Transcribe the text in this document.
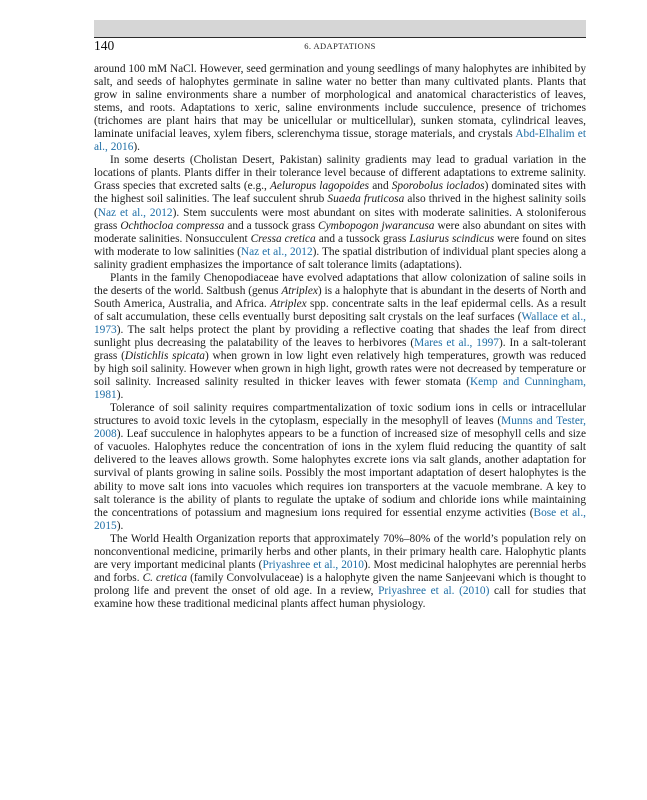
140	6. ADAPTATIONS

around 100 mM NaCl. However, seed germination and young seedlings of many halophytes are inhibited by salt, and seeds of halophytes germinate in saline water no better than many cultivated plants. Plants that grow in saline environments share a number of morphological and anatomical characteristics of leaves, stems, and roots. Adaptations to xeric, saline environments include succulence, presence of trichomes (trichomes are plant hairs that may be unicellular or multicellular), sunken stomata, cylindrical leaves, laminate unifacial leaves, xylem fibers, sclerenchyma tissue, storage materials, and crystals Abd-Elhalim et al., 2016).

In some deserts (Cholistan Desert, Pakistan) salinity gradients may lead to gradual variation in the locations of plants. Plants differ in their tolerance level because of different adaptations to extreme salinity. Grass species that excreted salts (e.g., Aeluropus lagopoides and Sporobolus ioclados) dominated sites with the highest soil salinities. The leaf succulent shrub Suaeda fruticosa also thrived in the highest salinity soils (Naz et al., 2012). Stem succulents were most abundant on sites with moderate salinities. A stoloniferous grass Ochthocloa compressa and a tussock grass Cymbopogon jwarancusa were also abundant on sites with moderate salinities. Nonsucculent Cressa cretica and a tussock grass Lasiurus scindicus were found on sites with moderate to low salinities (Naz et al., 2012). The spatial distribution of individual plant species along a salinity gradient emphasizes the importance of salt tolerance limits (adaptations).

Plants in the family Chenopodiaceae have evolved adaptations that allow colonization of saline soils in the deserts of the world. Saltbush (genus Atriplex) is a halophyte that is abundant in the deserts of North and South America, Australia, and Africa. Atriplex spp. concentrate salts in the leaf epidermal cells. As a result of salt accumulation, these cells eventually burst depositing salt crystals on the leaf surfaces (Wallace et al., 1973). The salt helps protect the plant by providing a reflective coating that shades the leaf from direct sunlight plus decreasing the palatability of the leaves to herbivores (Mares et al., 1997). In a salt-tolerant grass (Distichlis spicata) when grown in low light even relatively high temperatures, growth was reduced by high soil salinity. However when grown in high light, growth rates were not decreased by temperature or soil salinity. Increased salinity resulted in thicker leaves with fewer stomata (Kemp and Cunningham, 1981).

Tolerance of soil salinity requires compartmentalization of toxic sodium ions in cells or intracellular structures to avoid toxic levels in the cytoplasm, especially in the mesophyll of leaves (Munns and Tester, 2008). Leaf succulence in halophytes appears to be a function of increased size of mesophyll cells and size of vacuoles. Halophytes reduce the concentration of ions in the xylem fluid reducing the quantity of salt delivered to the leaves allows growth. Some halophytes excrete ions via salt glands, another adaptation for survival of plants growing in saline soils. Possibly the most important adaptation of desert halophytes is the ability to move salt ions into vacuoles which requires ion transporters at the vacuole membrane. A key to salt tolerance is the ability of plants to regulate the uptake of sodium and chloride ions while maintaining the concentrations of potassium and magnesium ions required for essential enzyme activities (Bose et al., 2015).

The World Health Organization reports that approximately 70%–80% of the world’s population rely on nonconventional medicine, primarily herbs and other plants, in their primary health care. Halophytic plants are very important medicinal plants (Priyashree et al., 2010). Most medicinal halophytes are perennial herbs and forbs. C. cretica (family Convolvulaceae) is a halophyte given the name Sanjeevani which is thought to prolong life and prevent the onset of old age. In a review, Priyashree et al. (2010) call for studies that examine how these traditional medicinal plants affect human physiology.
